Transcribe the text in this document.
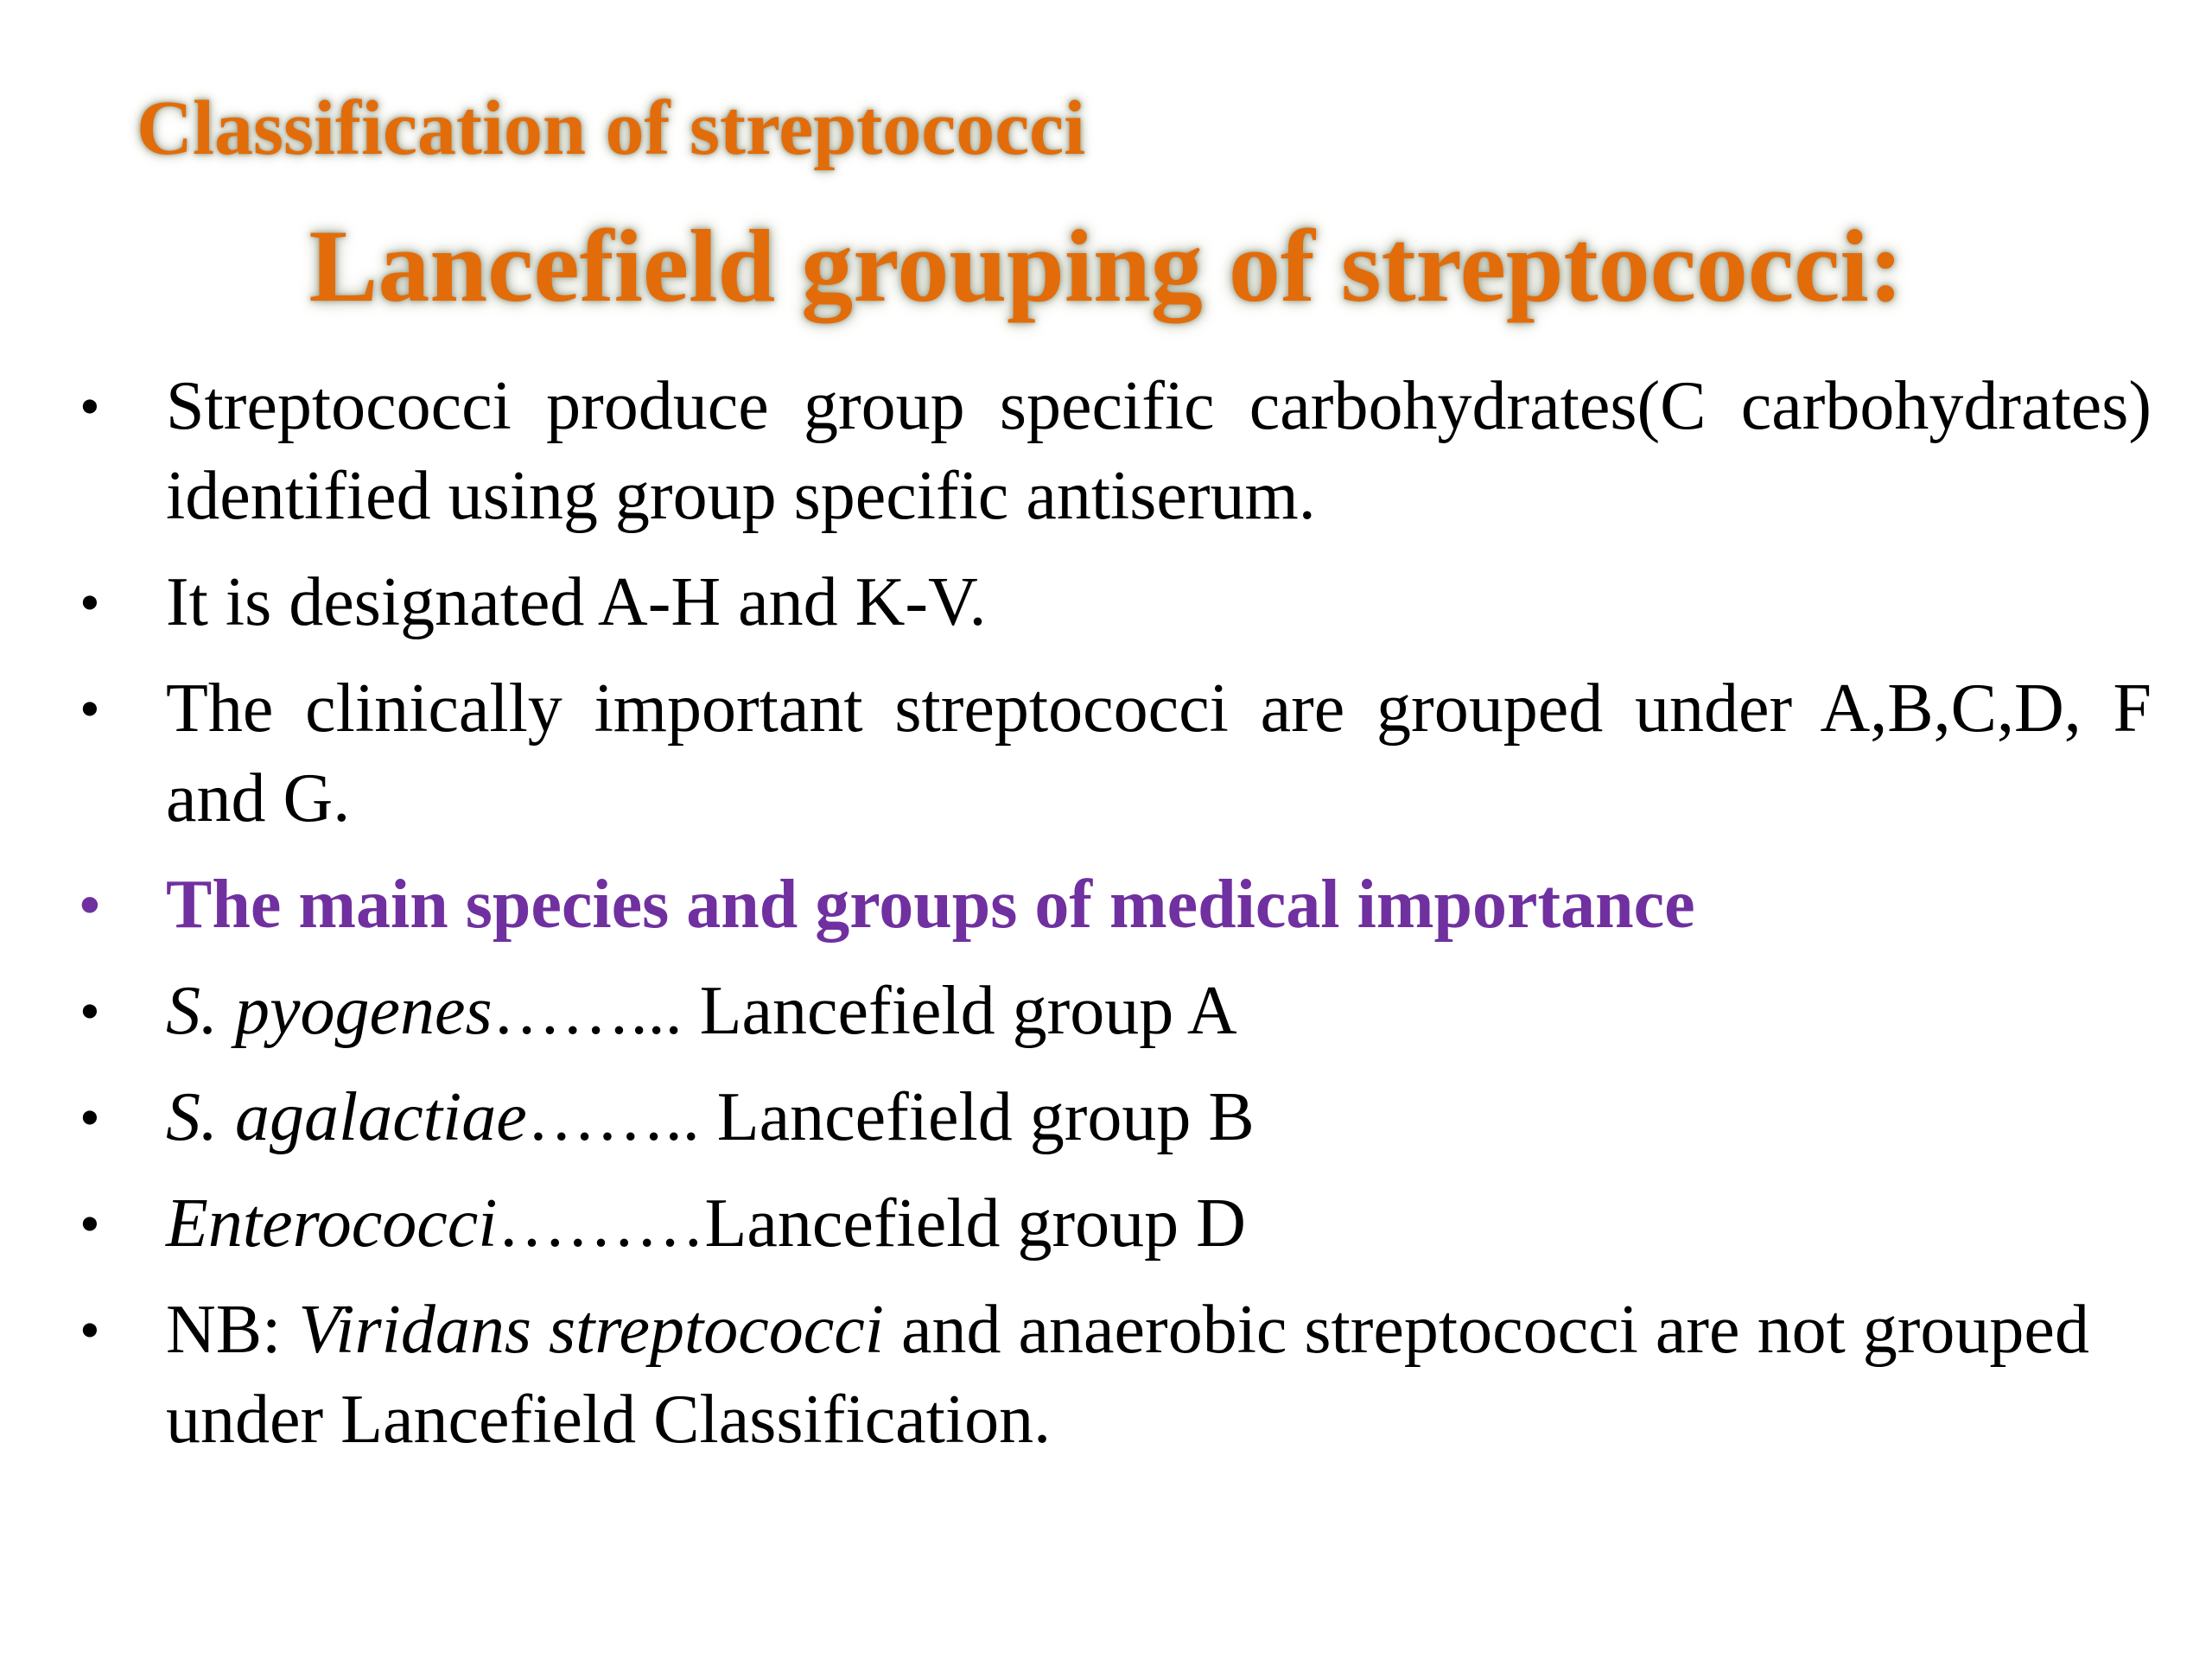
Classification of streptococci
Lancefield grouping of streptococci:
• Streptococci produce group specific carbohydrates(C carbohydrates) identified using group specific antiserum.
• It is designated A-H and K-V.
• The clinically important streptococci are grouped under A,B,C,D, F and G.
• The main species and groups of medical importance
• S. pyogenes……... Lancefield group A
• S. agalactiae…….. Lancefield group B
• Enterococci………Lancefield group D
• NB: Viridans streptococci and anaerobic streptococci are not grouped under Lancefield Classification.
